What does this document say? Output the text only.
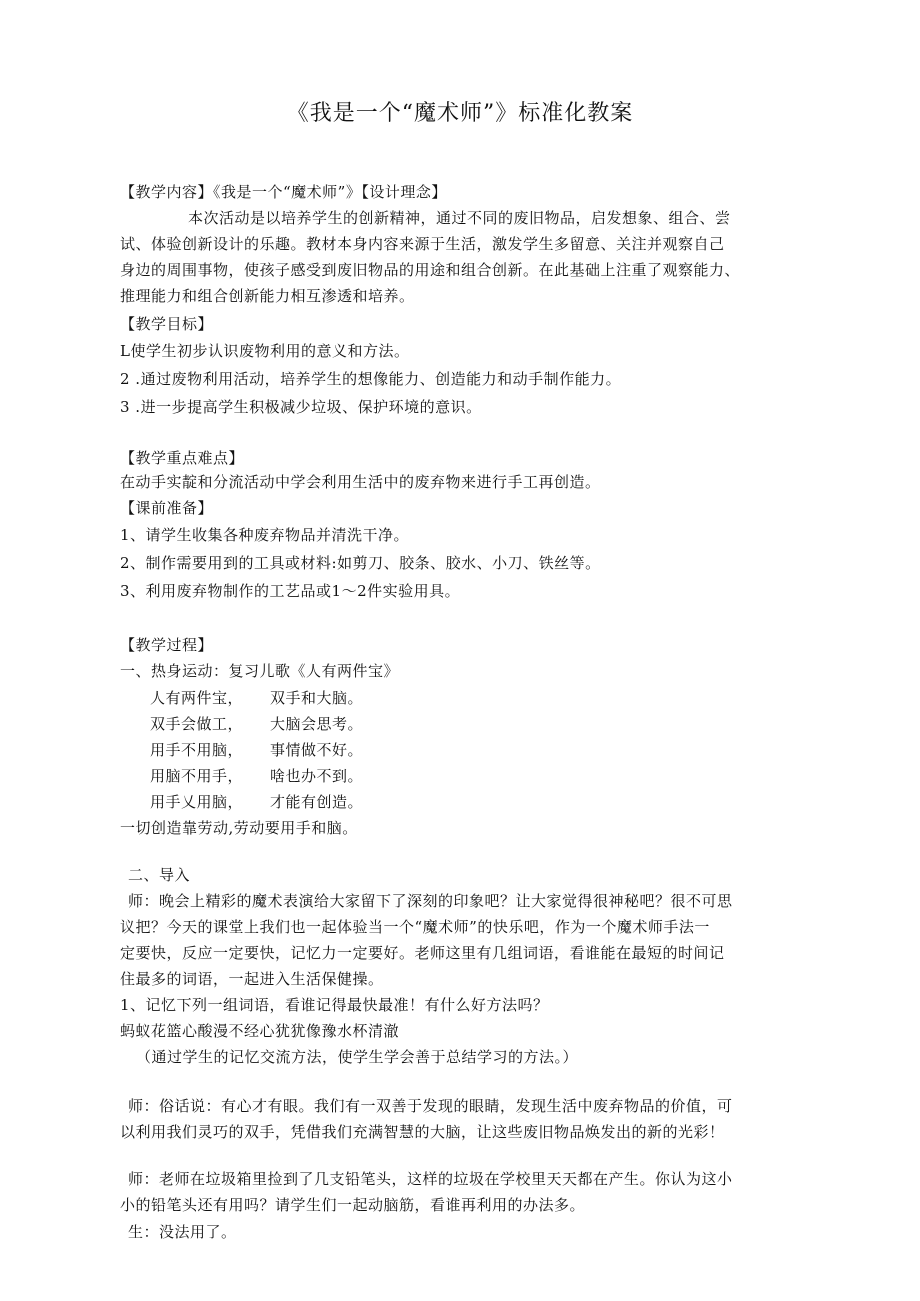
《我是一个“魔术师”》标准化教案
【教学内容】《我是一个“魔术师”》【设计理念】
本次活动是以培养学生的创新精神，通过不同的废旧物品，启发想象、组合、尝
试、体验创新设计的乐趣。教材本身内容来源于生活，激发学生多留意、关注并观察自己
身边的周围事物，使孩子感受到废旧物品的用途和组合创新。在此基础上注重了观察能力、
推理能力和组合创新能力相互渗透和培养。
【教学目标】
L使学生初步认识废物利用的意义和方法。
2 .通过废物利用活动，培养学生的想像能力、创造能力和动手制作能力。
3 .进一步提高学生积极减少垃圾、保护环境的意识。
【教学重点难点】
在动手实靛和分流活动中学会利用生活中的废弃物来进行手工再创造。
【课前准备】
1、请学生收集各种废弃物品并清洗干净。
2、制作需要用到的工具或材料:如剪刀、胶条、胶水、小刀、铁丝等。
3、利用废弃物制作的工艺品或1～2件实验用具。
【教学过程】
一、热身运动：复习儿歌《人有两件宝》
人有两件宝， 双手和大脑。
双手会做工， 大脑会思考。
用手不用脑， 事情做不好。
用脑不用手， 啥也办不到。
用手乂用脑， 才能有创造。
一切创造靠劳动,劳动要用手和脑。
二、导入
师：晚会上精彩的魔术表演给大家留下了深刻的印象吧？让大家觉得很神秘吧？很不可思
议把？今天的课堂上我们也一起体验当一个“魔术师”的快乐吧，作为一个魔术师手法一
定要快，反应一定要快，记忆力一定要好。老师这里有几组词语，看谁能在最短的时间记
住最多的词语，一起进入生活保健操。
1、记忆下列一组词语，看谁记得最快最准！有什么好方法吗？
蚂蚁花篮心酸漫不经心犹犹像豫水杯清澈
（通过学生的记忆交流方法，使学生学会善于总结学习的方法。）
师：俗话说：有心才有眼。我们有一双善于发现的眼睛，发现生活中废弃物品的价值，可
以利用我们灵巧的双手，凭借我们充满智慧的大脑，让这些废旧物品焕发出的新的光彩！
师：老师在垃圾箱里捡到了几支铅笔头，这样的垃圾在学校里天天都在产生。你认为这小
小的铅笔头还有用吗？请学生们一起动脑筋，看谁再利用的办法多。
生：没法用了。
